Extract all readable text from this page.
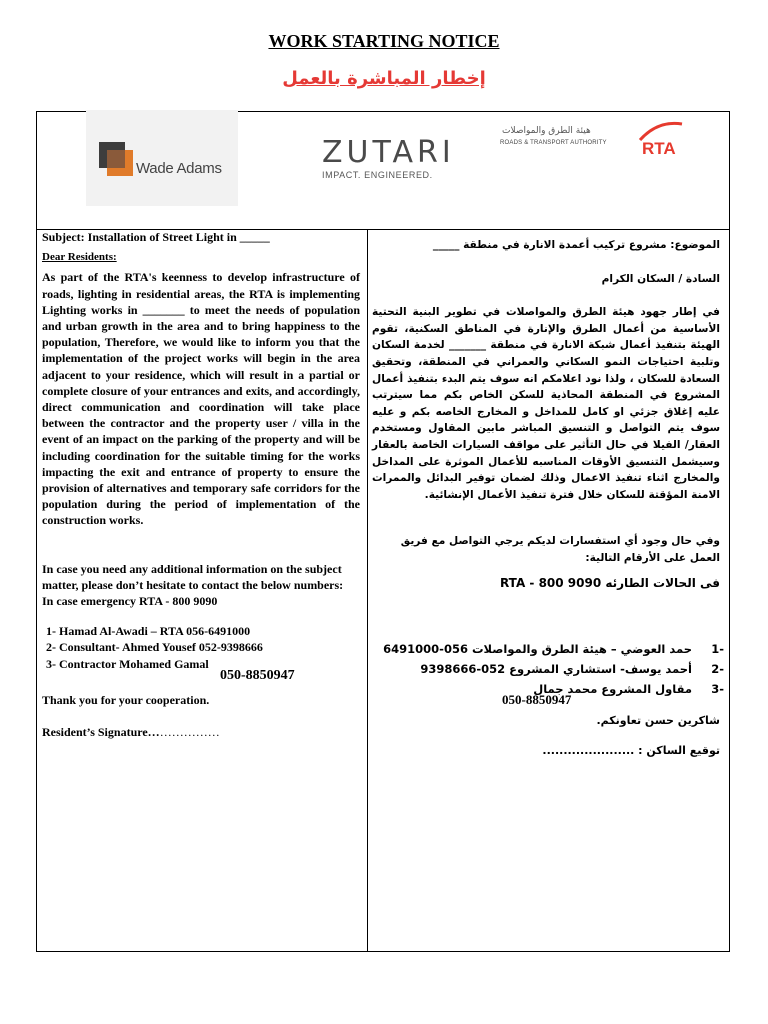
WORK STARTING NOTICE
إخطار المباشرة بالعمل
Wade Adams	ZUTARI
IMPACT. ENGINEERED.
هيئة الطرق والمواصلات
ROADS & TRANSPORT AUTHORITY RTA
Subject: Installation of Street Light in _____
Dear Residents:
As part of the RTA's keenness to develop infrastructure of roads, lighting in residential areas, the RTA is implementing Lighting works in _______ to meet the needs of population and urban growth in the area and to bring happiness to the population, Therefore, we would like to inform you that the implementation of the project works will begin in the area adjacent to your residence, which will result in a partial or complete closure of your entrances and exits, and accordingly, direct communication and coordination will take place between the contractor and the property user / villa in the event of an impact on the parking of the property and will be including coordination for the suitable timing for the works impacting the exit and entrance of property to ensure the provision of alternatives and temporary safe corridors for the population during the period of implementation of the construction works.
In case you need any additional information on the subject matter, please don’t hesitate to contact the below numbers:
In case emergency RTA - 800 9090
1- Hamad Al-Awadi – RTA 056-6491000
2- Consultant- Ahmed Yousef 052-9398666
3- Contractor Mohamed Gamal
050-8850947
Thank you for your cooperation.
Resident’s Signature………………
الموضوع: مشروع تركيب أعمدة الانارة في منطقة _____
السادة / السكان الكرام
في إطار جهود هيئة الطرق والمواصلات في تطوير البنية التحتية الأساسية من أعمال الطرق والإنارة في المناطق السكنية، تقوم الهيئة بتنفيذ أعمال شبكة الانارة في منطقة _______ لخدمة السكان وتلبية احتياجات النمو السكاني والعمراني في المنطقة، وتحقيق السعادة للسكان ، ولذا نود اعلامكم انه سوف يتم البدء بتنفيذ أعمال المشروع في المنطقة المحاذية للسكن الخاص بكم مما سيترتب عليه إغلاق جزئي او كامل للمداخل و المخارج الخاصه بكم و عليه سوف يتم التواصل و التنسيق المباشر مابين المقاول ومستخدم العقار/ الفيلا في حال التأثير على مواقف السيارات الخاصة بالعقار وسيشمل التنسيق الأوقات المناسبه للأعمال الموثرة على المداخل والمخارج اثناء تنفيذ الاعمال وذلك لضمان توفير البدائل والممرات الامنة المؤقتة للسكان خلال فترة تنفيذ الأعمال الإنشائية.
وفي حال وجود أي استفسارات لديكم يرجي التواصل مع فريق العمل على الأرقام التالية:
فى الحالات الطارئه RTA - 800 9090
-1
حمد العوضي – هيئة الطرق والمواصلات 056-6491000
-2
أحمد يوسف- استشاري المشروع 052-9398666
-3
مقاول المشروع محمد جمال
050-8850947
شاكرين حسن تعاونكم.
توقيع الساكن : ......................
